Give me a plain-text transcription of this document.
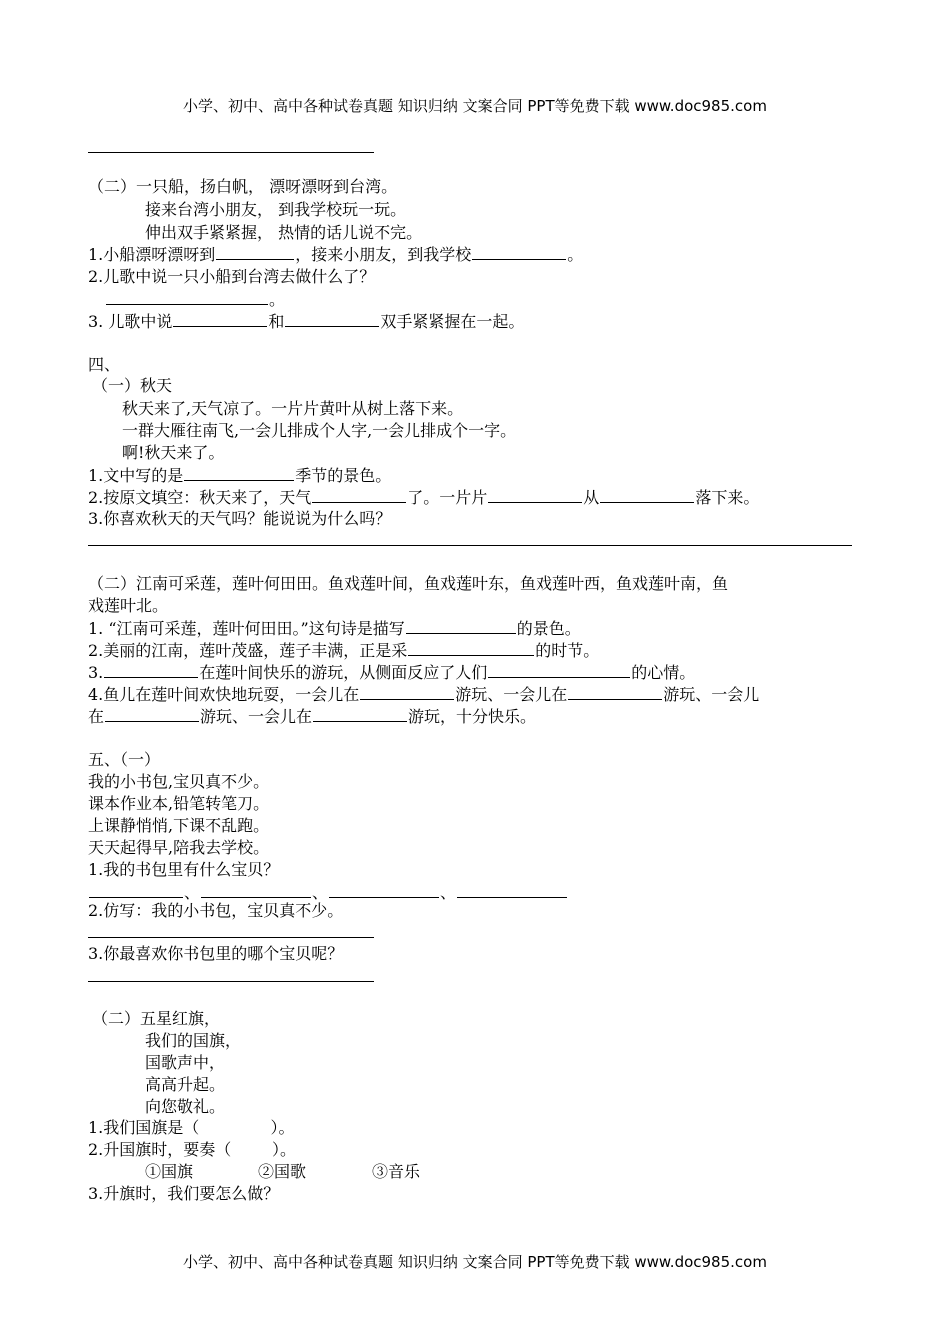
小学、初中、高中各种试卷真题 知识归纳 文案合同 PPT等免费下载 www.doc985.com
（二）一只船，扬白帆， 漂呀漂呀到台湾。
接来台湾小朋友， 到我学校玩一玩。
伸出双手紧紧握， 热情的话儿说不完。
1.小船漂呀漂呀到	，接来小朋友，到我学校	。
2.儿歌中说一只小船到台湾去做什么了？
。
3. 儿歌中说	和	双手紧紧握在一起。
四、
（一）秋天
秋天来了,天气凉了。一片片黄叶从树上落下来。
一群大雁往南飞,一会儿排成个人字,一会儿排成个一字。
啊!秋天来了。
1.文中写的是	季节的景色。
2.按原文填空：秋天来了，天气	了。一片片	从	落下来。
3.你喜欢秋天的天气吗？能说说为什么吗？
（二）江南可采莲，莲叶何田田。鱼戏莲叶间，鱼戏莲叶东，鱼戏莲叶西，鱼戏莲叶南，鱼
戏莲叶北。
1. “江南可采莲，莲叶何田田。”这句诗是描写	的景色。
2.美丽的江南，莲叶茂盛，莲子丰满，正是采	的时节。
3.	在莲叶间快乐的游玩，从侧面反应了人们	的心情。
4.鱼儿在莲叶间欢快地玩耍，一会儿在	游玩、一会儿在	游玩、一会儿
在	游玩、一会儿在	游玩，十分快乐。
五、（一）
我的小书包,宝贝真不少。
课本作业本,铅笔转笔刀。
上课静悄悄,下课不乱跑。
天天起得早,陪我去学校。
1.我的书包里有什么宝贝？
、	、	、
2.仿写：我的小书包，宝贝真不少。
3.你最喜欢你书包里的哪个宝贝呢？
（二）五星红旗，
我们的国旗，
国歌声中，
高高升起。
向您敬礼。
1.我们国旗是（              ）。
2.升国旗时，要奏（        ）。
①国旗	②国歌	③音乐
3.升旗时，我们要怎么做？
小学、初中、高中各种试卷真题 知识归纳 文案合同 PPT等免费下载 www.doc985.com
